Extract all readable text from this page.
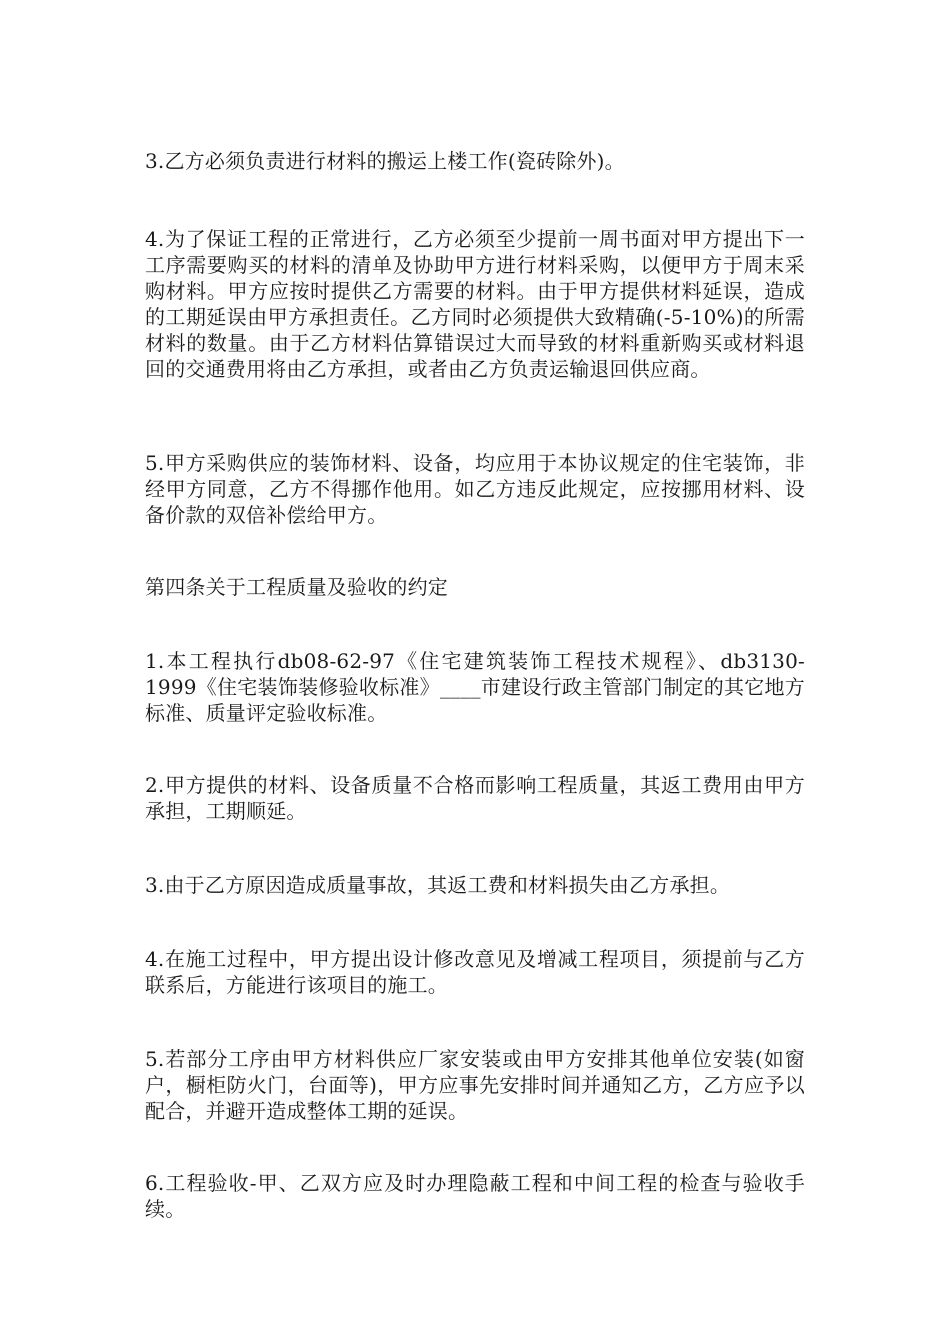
3.乙方必须负责进行材料的搬运上楼工作(瓷砖除外)。

4.为了保证工程的正常进行，乙方必须至少提前一周书面对甲方提出下一工序需要购买的材料的清单及协助甲方进行材料采购，以便甲方于周末采购材料。甲方应按时提供乙方需要的材料。由于甲方提供材料延误，造成的工期延误由甲方承担责任。乙方同时必须提供大致精确(-5-10%)的所需材料的数量。由于乙方材料估算错误过大而导致的材料重新购买或材料退回的交通费用将由乙方承担，或者由乙方负责运输退回供应商。

5.甲方采购供应的装饰材料、设备，均应用于本协议规定的住宅装饰，非经甲方同意，乙方不得挪作他用。如乙方违反此规定，应按挪用材料、设备价款的双倍补偿给甲方。

第四条关于工程质量及验收的约定

1.本工程执行db08-62-97《住宅建筑装饰工程技术规程》、db3130-1999《住宅装饰装修验收标准》____市建设行政主管部门制定的其它地方标准、质量评定验收标准。

2.甲方提供的材料、设备质量不合格而影响工程质量，其返工费用由甲方承担，工期顺延。

3.由于乙方原因造成质量事故，其返工费和材料损失由乙方承担。

4.在施工过程中，甲方提出设计修改意见及增减工程项目，须提前与乙方联系后，方能进行该项目的施工。

5.若部分工序由甲方材料供应厂家安装或由甲方安排其他单位安装(如窗户，橱柜防火门，台面等)，甲方应事先安排时间并通知乙方，乙方应予以配合，并避开造成整体工期的延误。

6.工程验收-甲、乙双方应及时办理隐蔽工程和中间工程的检查与验收手续。
